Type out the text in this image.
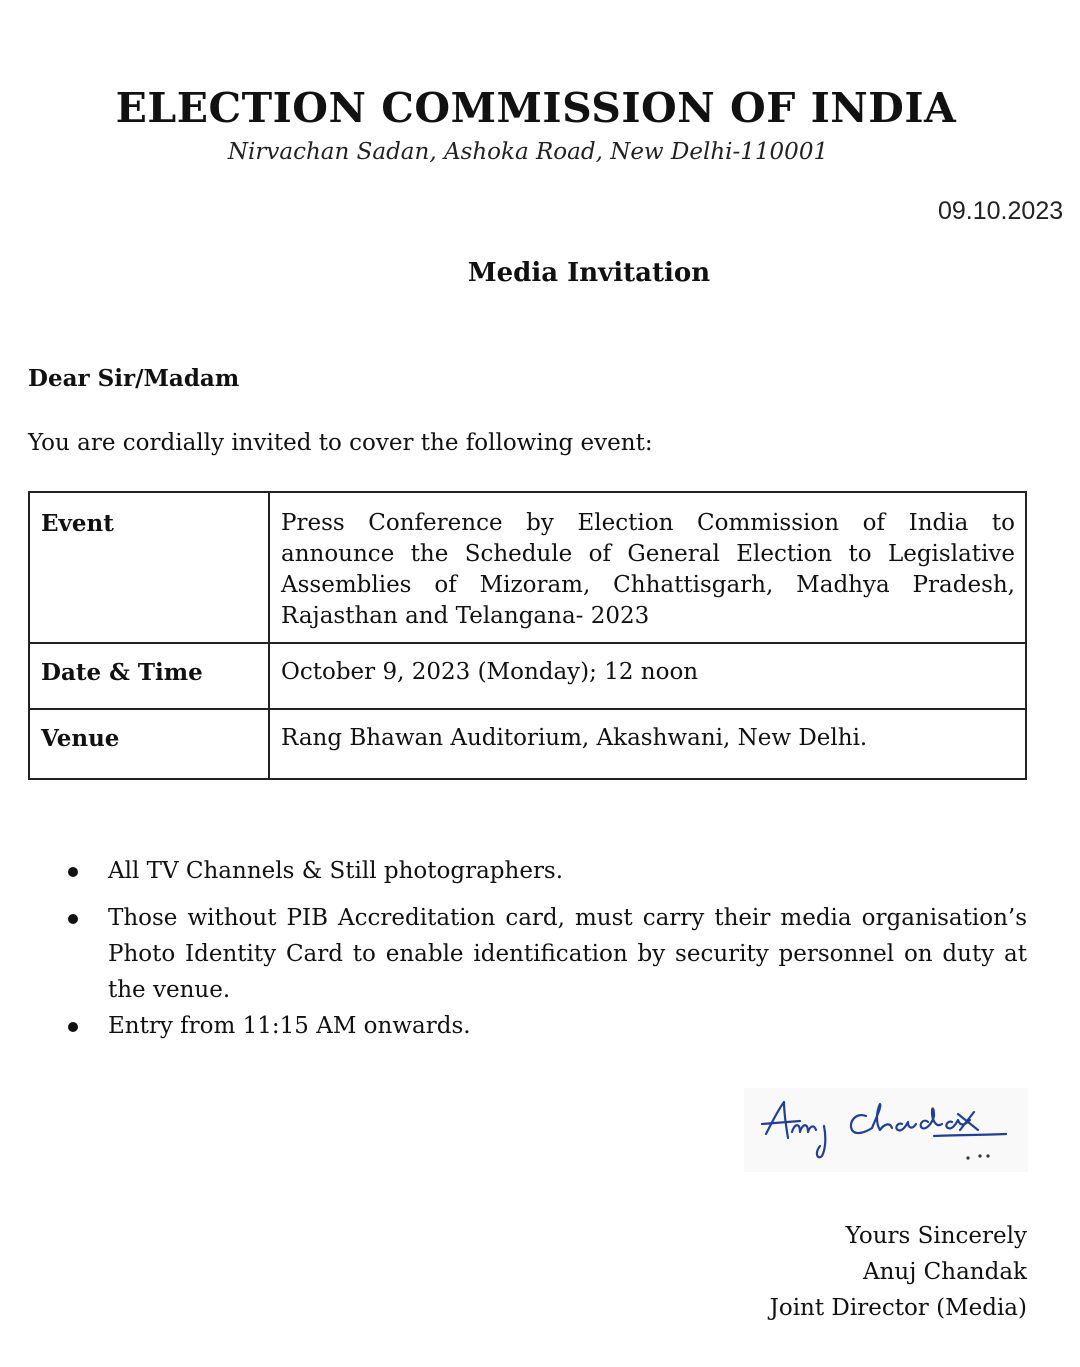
ELECTION COMMISSION OF INDIA
Nirvachan Sadan, Ashoka Road, New Delhi-110001
09.10.2023
Media Invitation
Dear Sir/Madam
You are cordially invited to cover the following event:
Event	Press Conference by Election Commission of India to announce the Schedule of General Election to Legislative Assemblies of Mizoram, Chhattisgarh, Madhya Pradesh, Rajasthan and Telangana- 2023
Date & Time	October 9, 2023 (Monday); 12 noon
Venue	Rang Bhawan Auditorium, Akashwani, New Delhi.
All TV Channels & Still photographers.
Those without PIB Accreditation card, must carry their media organisation’s Photo Identity Card to enable identification by security personnel on duty at the venue.
Entry from 11:15 AM onwards.
Yours Sincerely
Anuj Chandak
Joint Director (Media)
